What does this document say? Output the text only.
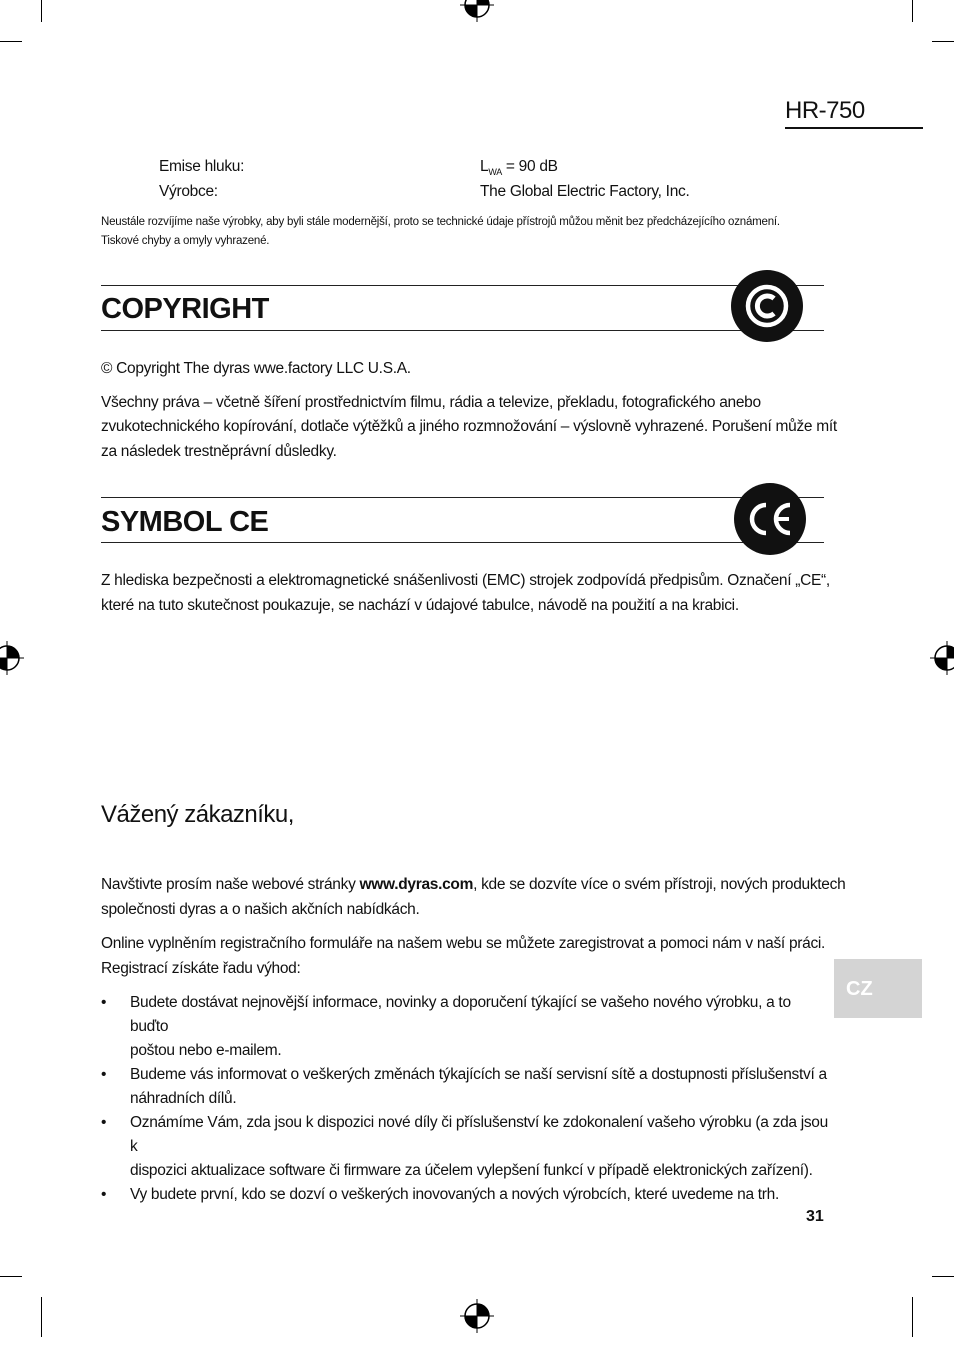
HR-750
Emise hluku:	$L_{WA} = 90$ dB
Výrobce:	The Global Electric Factory, Inc.
Neustále rozvíjíme naše výrobky, aby byli stále modernější, proto se technické údaje přístrojů můžou měnit bez předcházejícího oznámení.
Tiskové chyby a omyly vyhrazené.
COPYRIGHT
© Copyright The dyras wwe.factory LLC U.S.A.
Všechny práva – včetně šíření prostřednictvím filmu, rádia a televize, překladu, fotografického anebo
zvukotechnického kopírování, dotlače výtěžků a jiného rozmnožování – výslovně vyhrazené. Porušení může mít
za následek trestněprávní důsledky.
SYMBOL CE
Z hlediska bezpečnosti a elektromagnetické snášenlivosti (EMC) strojek zodpovídá předpisům. Označení „CE“,
které na tuto skutečnost poukazuje, se nachází v údajové tabulce, návodě na použití a na krabici.
Vážený zákazníku,
Navštivte prosím naše webové stránky www.dyras.com, kde se dozvíte více o svém přístroji, nových produktech
společnosti dyras a o našich akčních nabídkách.
Online vyplněním registračního formuláře na našem webu se můžete zaregistrovat a pomoci nám v naší práci.
Registrací získáte řadu výhod:
• Budete dostávat nejnovější informace, novinky a doporučení týkající se vašeho nového výrobku, a to buďto
poštou nebo e-mailem.
• Budeme vás informovat o veškerých změnách týkajících se naší servisní sítě a dostupnosti příslušenství a
náhradních dílů.
• Oznámíme Vám, zda jsou k dispozici nové díly či příslušenství ke zdokonalení vašeho výrobku (a zda jsou k
dispozici aktualizace software či firmware za účelem vylepšení funkcí v případě elektronických zařízení).
• Vy budete první, kdo se dozví o veškerých inovovaných a nových výrobcích, které uvedeme na trh.
CZ
31
